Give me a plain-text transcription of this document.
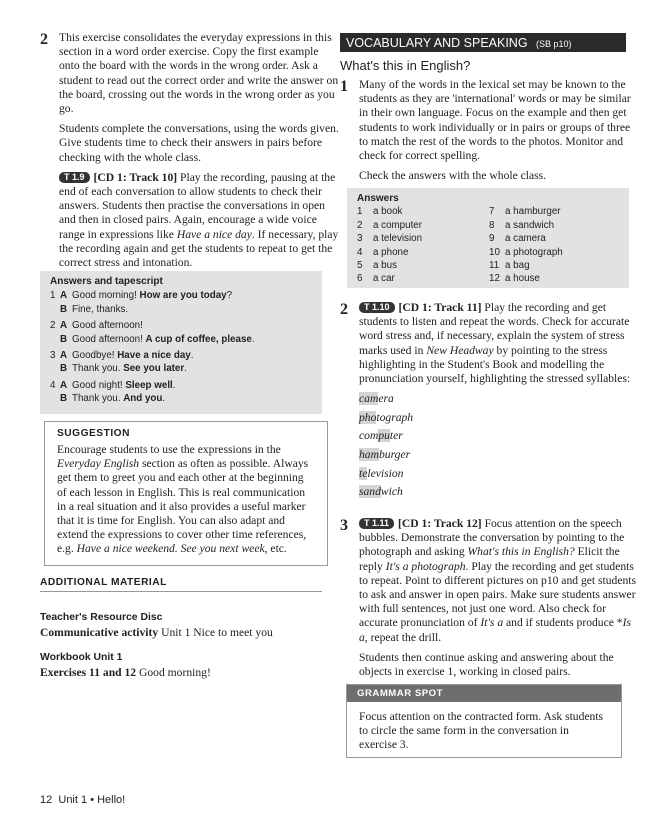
2 This exercise consolidates the everyday expressions in this section in a word order exercise. Copy the first example onto the board with the words in the wrong order. Ask a student to read out the correct order and write the answer on the board, crossing out the words in the wrong order as you go.

Students complete the conversations, using the words given. Give students time to check their answers in pairs before checking with the whole class.

T 1.9 [CD 1: Track 10] Play the recording, pausing at the end of each conversation to allow students to check their answers. Students then practise the conversations in open and then in closed pairs. Again, encourage a wide voice range in expressions like Have a nice day. If necessary, play the recording again and get the students to repeat to get the correct stress and intonation.

Answers and tapescript
1 A Good morning! How are you today?
B Fine, thanks.
2 A Good afternoon!
B Good afternoon! A cup of coffee, please.
3 A Goodbye! Have a nice day.
B Thank you. See you later.
4 A Good night! Sleep well.
B Thank you. And you.
SUGGESTION

Encourage students to use the expressions in the Everyday English section as often as possible. Always get them to greet you and each other at the beginning of each lesson in English. This is real communication in a real situation and it also provides a useful marker that it is time for English. You can also adapt and extend the expressions to cover other time references, e.g. Have a nice weekend. See you next week, etc.

ADDITIONAL MATERIAL
Teacher's Resource Disc

Communicative activity Unit 1 Nice to meet you

Workbook Unit 1

Exercises 11 and 12 Good morning!

VOCABULARY AND SPEAKING (SB p10)
What's this in English?
1 Many of the words in the lexical set may be known to the students as they are 'international' words or may be similar in their own language. Focus on the example and then get students to work individually or in pairs or groups of three to match the rest of the words to the photos. Monitor and check for correct spelling.

Check the answers with the whole class.

Answers
1 a book
2 a computer
3 a television
4 a phone
5 a bus
6 a car
7 a hamburger
8 a sandwich
9 a camera
10 a photograph
11 a bag
12 a house
2	T 1.10 [CD 1: Track 11] Play the recording and get students to listen and repeat the words. Check for accurate word stress and, if necessary, explain the system of stress marks used in New Headway by pointing to the stress highlighting in the Student's Book and modelling the pronunciation yourself, highlighting the stressed syllables:

camera
photograph
computer
hamburger
television
sandwich
3	T 1.11 [CD 1: Track 12] Focus attention on the speech bubbles. Demonstrate the conversation by pointing to the photograph and asking What's this in English? Elicit the reply It's a photograph. Play the recording and get students to repeat. Point to different pictures on p10 and get students to ask and answer in open pairs. Make sure students answer with full sentences, not just one word. Also check for accurate pronunciation of It's a and if students produce *Is a, repeat the drill.

Students then continue asking and answering about the objects in exercise 1, working in closed pairs.

GRAMMAR SPOT

Focus attention on the contracted form. Ask students to circle the same form in the conversation in exercise 3.

12 Unit 1 • Hello!
